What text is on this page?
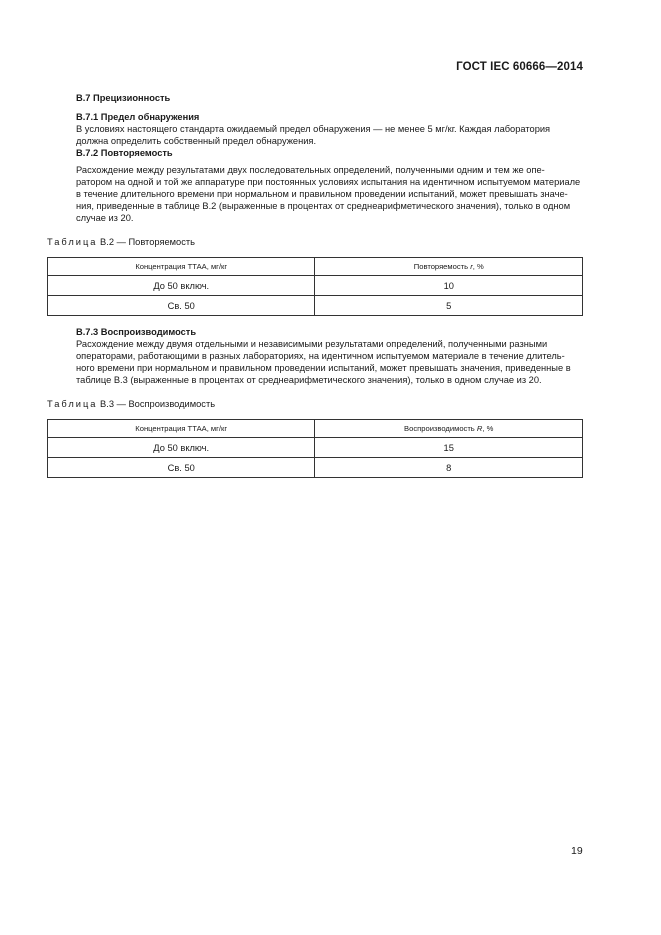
ГОСТ IEC 60666—2014
В.7 Прецизионность
В.7.1 Предел обнаружения
В условиях настоящего стандарта ожидаемый предел обнаружения — не менее 5 мг/кг. Каждая лаборатория
должна определить собственный предел обнаружения.
В.7.2 Повторяемость
Расхождение между результатами двух последовательных определений, полученными одним и тем же опе-
ратором на одной и той же аппаратуре при постоянных условиях испытания на идентичном испытуемом материале
в течение длительного времени при нормальном и правильном проведении испытаний, может превышать значе-
ния, приведенные в таблице В.2 (выраженные в процентах от среднеарифметического значения), только в одном
случае из 20.
Таблица В.2 — Повторяемость
Концентрация ТТАА, мг/кг	Повторяемость r, %
До 50 включ.	10
Св. 50	5
В.7.3 Воспроизводимость
Расхождение между двумя отдельными и независимыми результатами определений, полученными разными
операторами, работающими в разных лабораториях, на идентичном испытуемом материале в течение длитель-
ного времени при нормальном и правильном проведении испытаний, может превышать значения, приведенные в
таблице В.3 (выраженные в процентах от среднеарифметического значения), только в одном случае из 20.
Таблица В.3 — Воспроизводимость
Концентрация ТТАА, мг/кг	Воспроизводимость R, %
До 50 включ.	15
Св. 50	8
19
